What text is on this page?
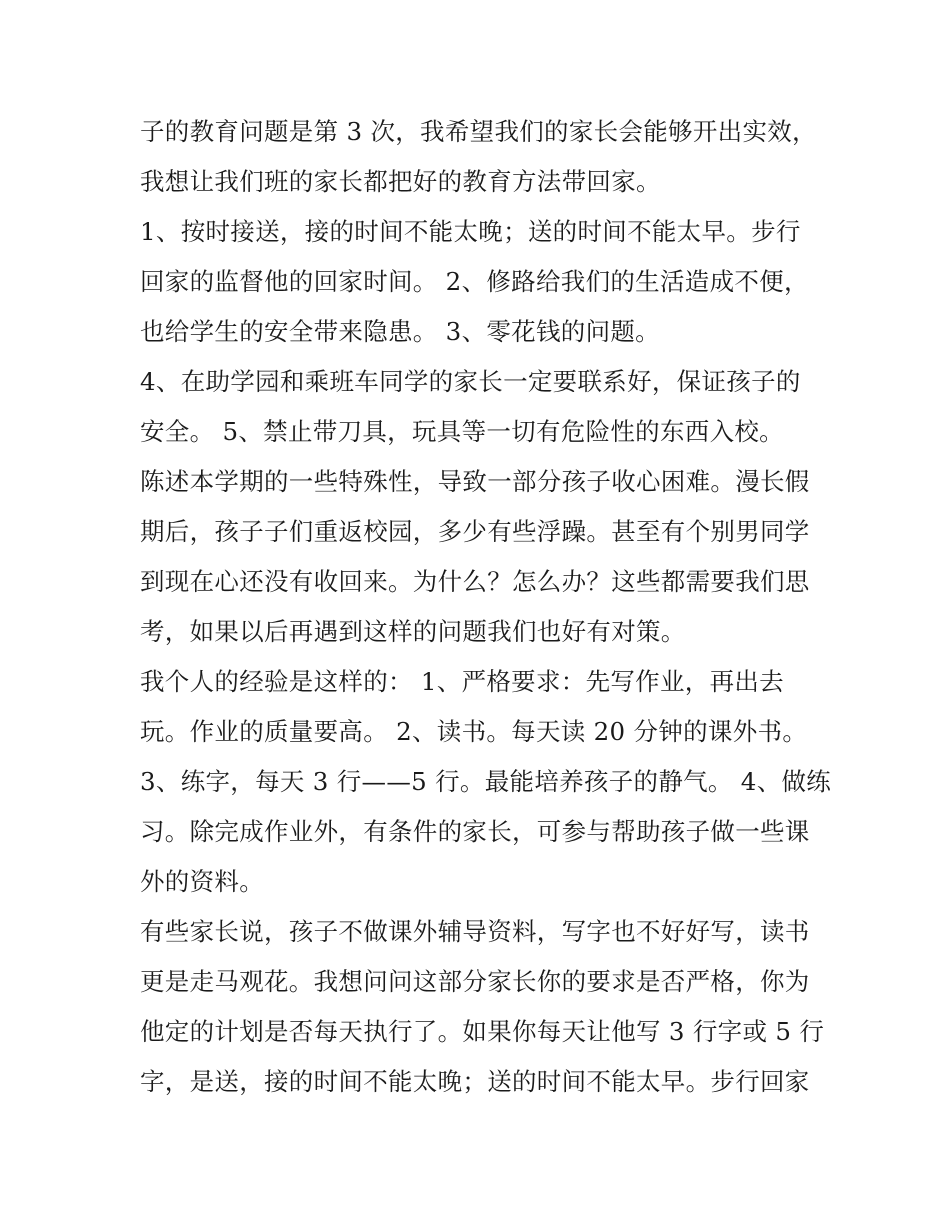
子的教育问题是第 3 次，我希望我们的家长会能够开出实效，

我想让我们班的家长都把好的教育方法带回家。

1、按时接送，接的时间不能太晚；送的时间不能太早。步行

回家的监督他的回家时间。 2、修路给我们的生活造成不便，

也给学生的安全带来隐患。 3、零花钱的问题。

4、在助学园和乘班车同学的家长一定要联系好，保证孩子的

安全。 5、禁止带刀具，玩具等一切有危险性的东西入校。

陈述本学期的一些特殊性，导致一部分孩子收心困难。漫长假

期后，孩子子们重返校园，多少有些浮躁。甚至有个别男同学

到现在心还没有收回来。为什么？怎么办？这些都需要我们思

考，如果以后再遇到这样的问题我们也好有对策。

我个人的经验是这样的： 1、严格要求：先写作业，再出去

玩。作业的质量要高。 2、读书。每天读 20 分钟的课外书。

3、练字，每天 3 行——5 行。最能培养孩子的静气。 4、做练

习。除完成作业外，有条件的家长，可参与帮助孩子做一些课

外的资料。

有些家长说，孩子不做课外辅导资料，写字也不好好写，读书

更是走马观花。我想问问这部分家长你的要求是否严格，你为

他定的计划是否每天执行了。如果你每天让他写 3 行字或 5 行

字，是送，接的时间不能太晚；送的时间不能太早。步行回家
